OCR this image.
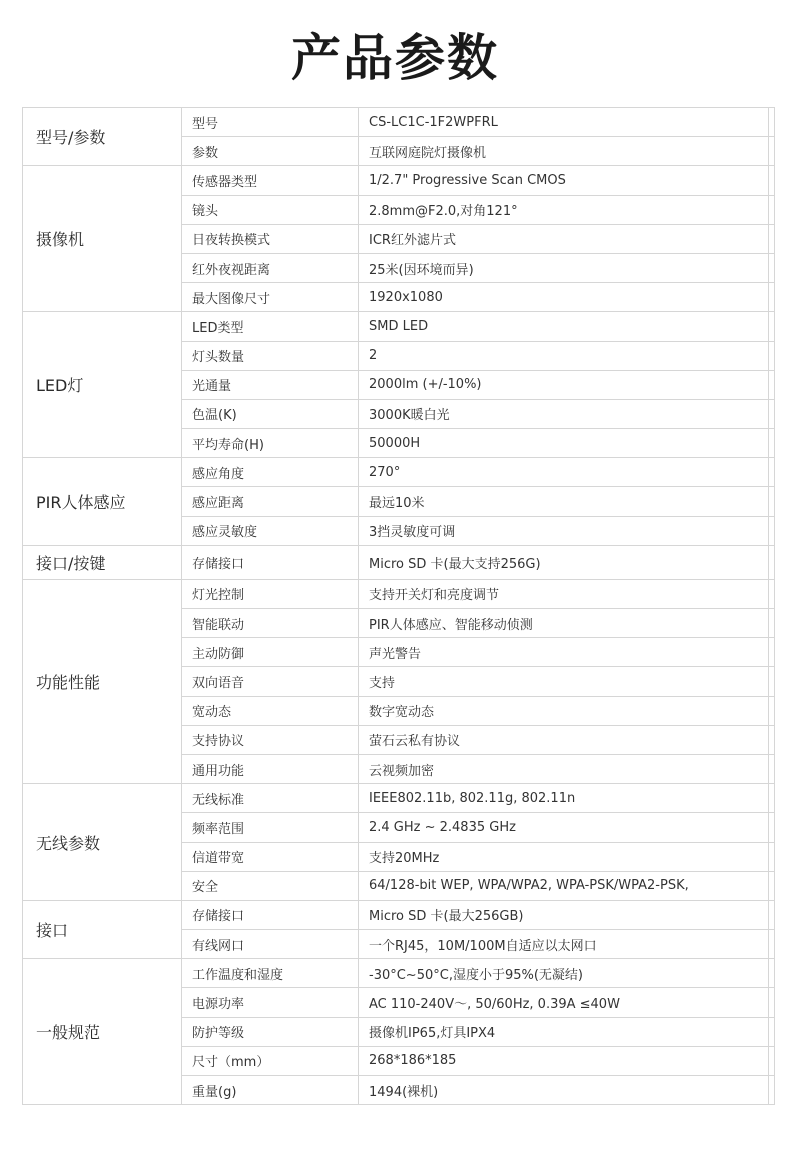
产品参数
型号/参数	型号	CS-LC1C-1F2WPFRL	
	参数	互联网庭院灯摄像机	
摄像机	传感器类型	1/2.7" Progressive Scan CMOS	
	镜头	2.8mm@F2.0,对角121°	
	日夜转换模式	ICR红外滤片式	
	红外夜视距离	25米(因环境而异)	
	最大图像尺寸	1920x1080	
LED灯	LED类型	SMD LED	
	灯头数量	2	
	光通量	2000lm (+/-10%)	
	色温(K)	3000K暖白光	
	平均寿命(H)	50000H	
PIR人体感应	感应角度	270°	
	感应距离	最远10米	
	感应灵敏度	3挡灵敏度可调	
接口/按键	存储接口	Micro SD 卡(最大支持256G)	
功能性能	灯光控制	支持开关灯和亮度调节	
	智能联动	PIR人体感应、智能移动侦测	
	主动防御	声光警告	
	双向语音	支持	
	宽动态	数字宽动态	
	支持协议	萤石云私有协议	
	通用功能	云视频加密	
无线参数	无线标准	IEEE802.11b, 802.11g, 802.11n	
	频率范围	2.4 GHz ~ 2.4835 GHz	
	信道带宽	支持20MHz	
	安全	64/128-bit WEP, WPA/WPA2, WPA-PSK/WPA2-PSK,	
接口	存储接口	Micro SD 卡(最大256GB)	
	有线网口	一个RJ45，10M/100M自适应以太网口	
一般规范	工作温度和湿度	-30°C~50°C,湿度小于95%(无凝结)	
	电源功率	AC 110-240V～, 50/60Hz, 0.39A ≤40W	
	防护等级	摄像机IP65,灯具IPX4	
	尺寸（mm）	268*186*185	
	重量(g)	1494(裸机)	
